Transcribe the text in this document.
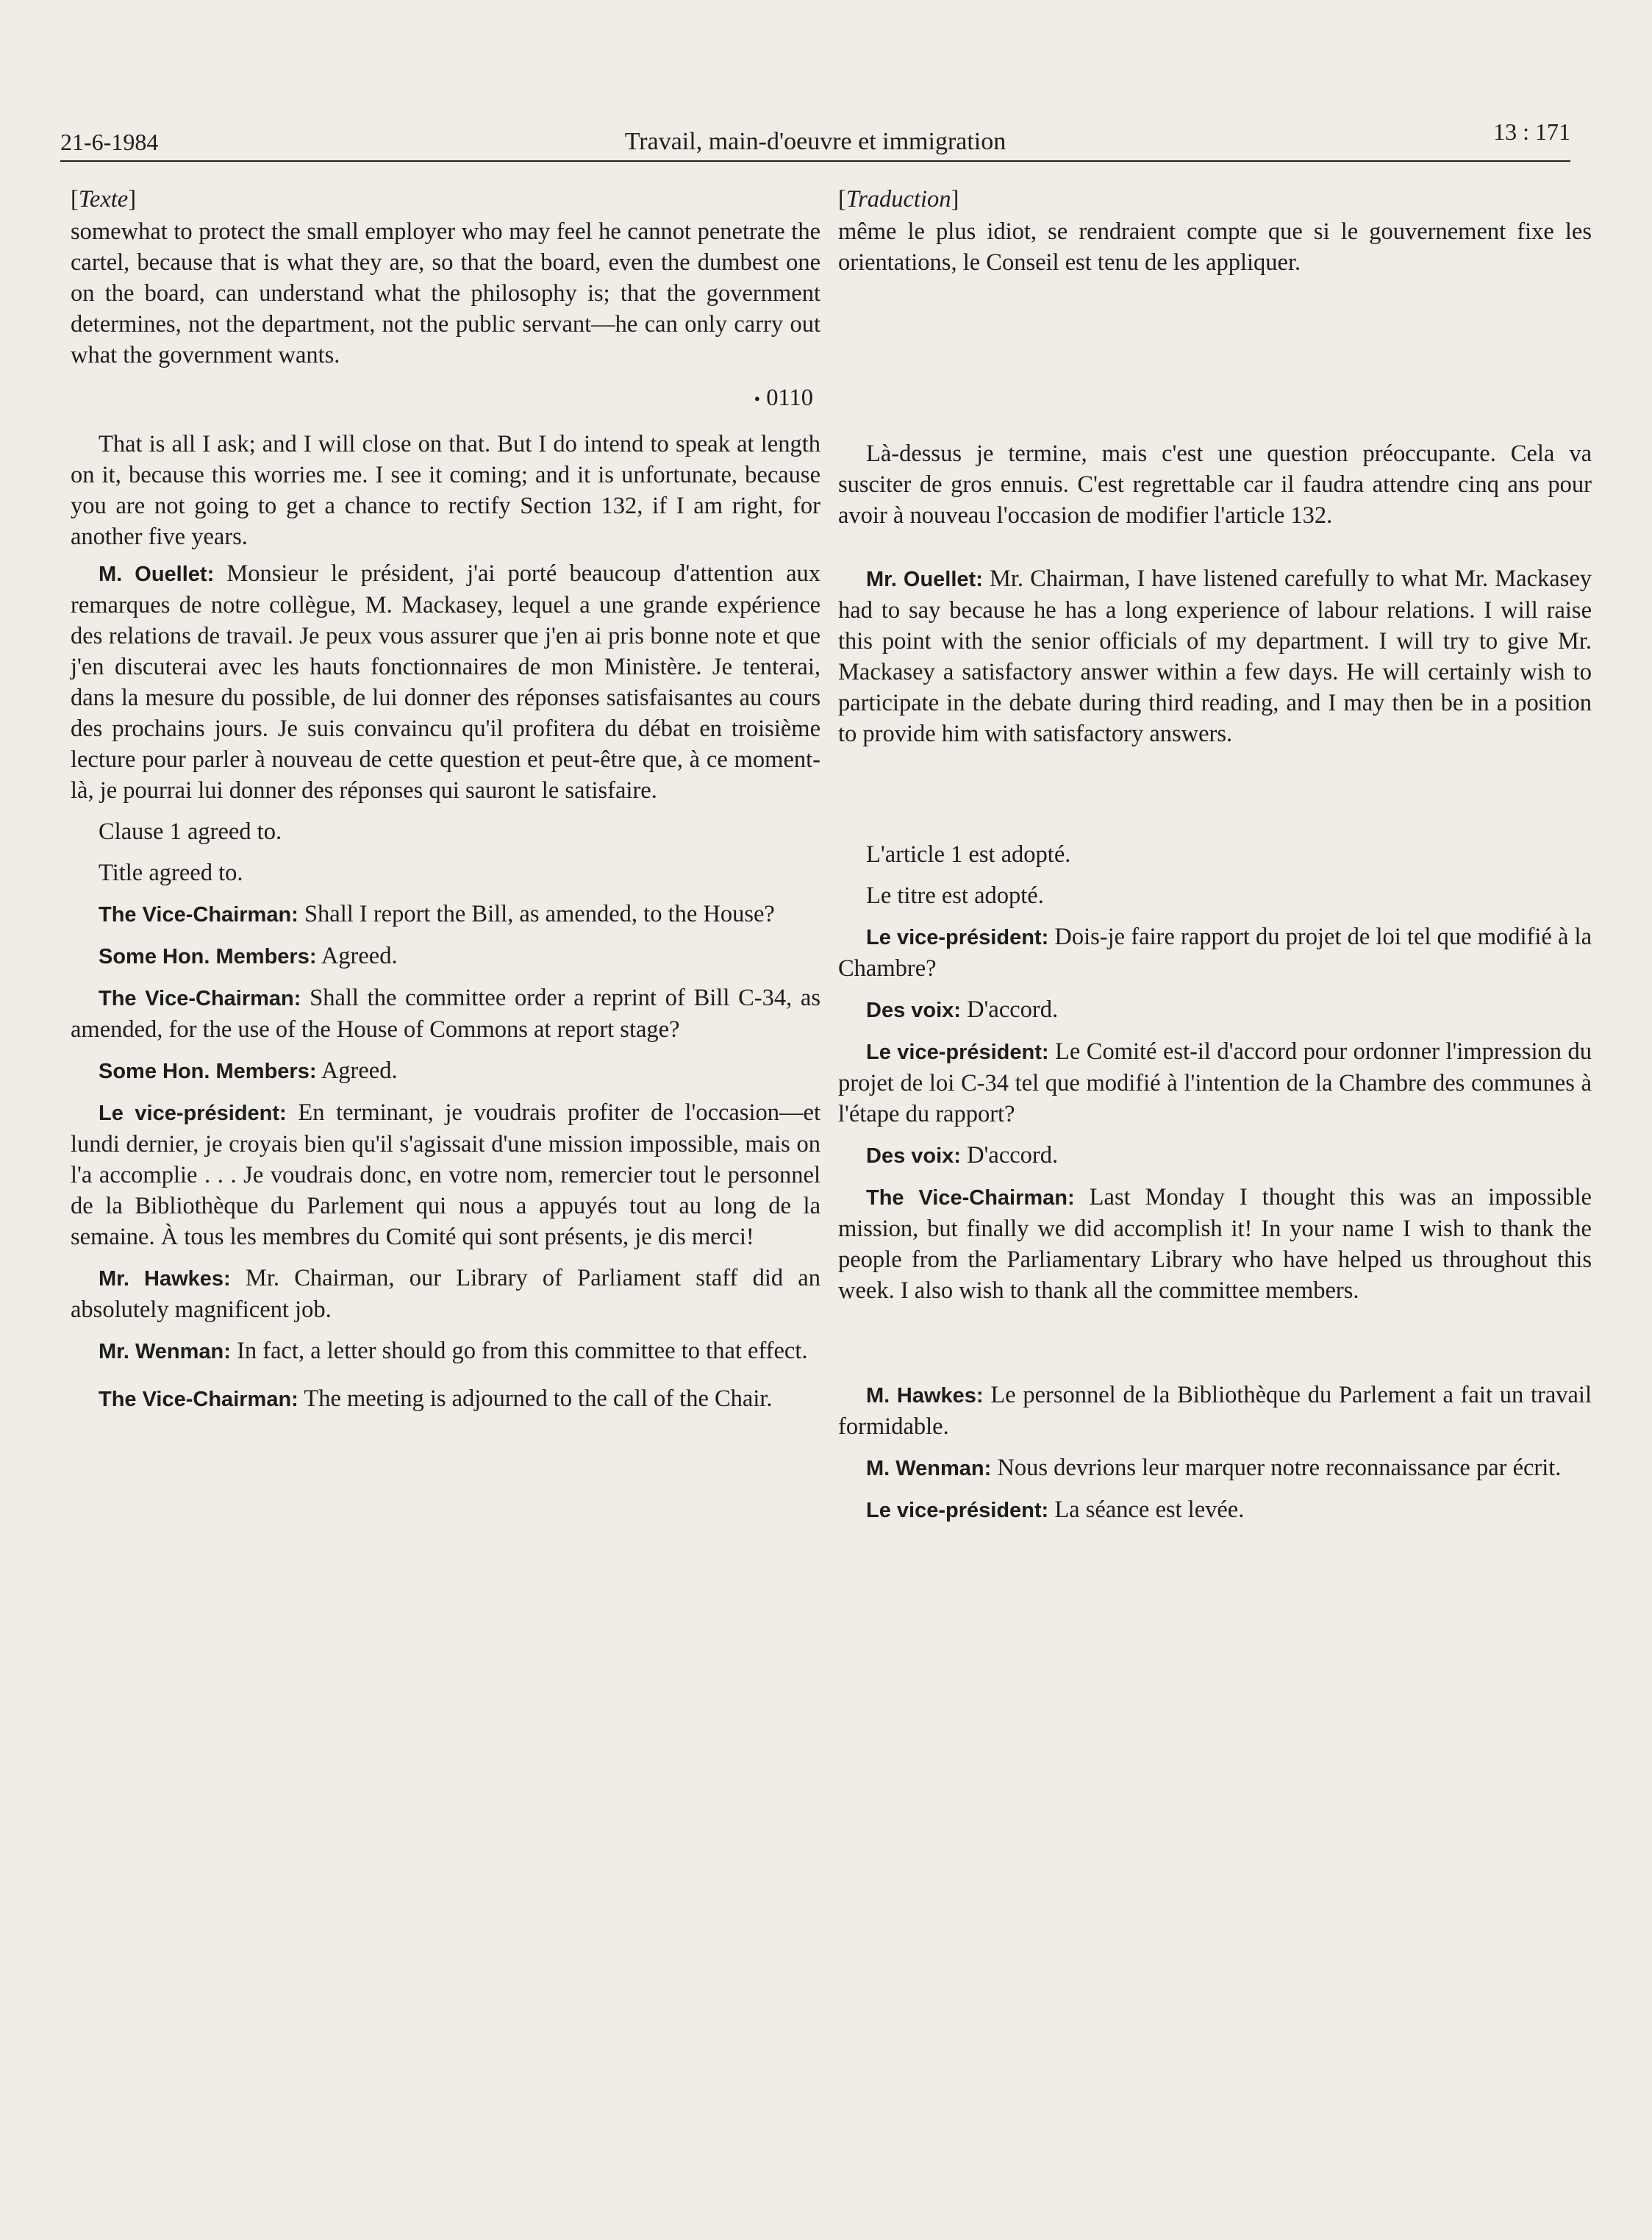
21-6-1984	Travail, main-d'oeuvre et immigration	13 : 171

[Texte]

somewhat to protect the small employer who may feel he cannot penetrate the cartel, because that is what they are, so that the board, even the dumbest one on the board, can understand what the philosophy is; that the government determines, not the department, not the public servant—he can only carry out what the government wants.

• 0110

That is all I ask; and I will close on that. But I do intend to speak at length on it, because this worries me. I see it coming; and it is unfortunate, because you are not going to get a chance to rectify Section 132, if I am right, for another five years.

M. Ouellet: Monsieur le président, j'ai porté beaucoup d'attention aux remarques de notre collègue, M. Mackasey, lequel a une grande expérience des relations de travail. Je peux vous assurer que j'en ai pris bonne note et que j'en discuterai avec les hauts fonctionnaires de mon Ministère. Je tenterai, dans la mesure du possible, de lui donner des réponses satisfaisantes au cours des prochains jours. Je suis convaincu qu'il profitera du débat en troisième lecture pour parler à nouveau de cette question et peut-être que, à ce moment-là, je pourrai lui donner des réponses qui sauront le satisfaire.

Clause 1 agreed to.

Title agreed to.

The Vice-Chairman: Shall I report the Bill, as amended, to the House?

Some Hon. Members: Agreed.

The Vice-Chairman: Shall the committee order a reprint of Bill C-34, as amended, for the use of the House of Commons at report stage?

Some Hon. Members: Agreed.

Le vice-président: En terminant, je voudrais profiter de l'occasion—et lundi dernier, je croyais bien qu'il s'agissait d'une mission impossible, mais on l'a accomplie . . . Je voudrais donc, en votre nom, remercier tout le personnel de la Bibliothèque du Parlement qui nous a appuyés tout au long de la semaine. À tous les membres du Comité qui sont présents, je dis merci!

Mr. Hawkes: Mr. Chairman, our Library of Parliament staff did an absolutely magnificent job.

Mr. Wenman: In fact, a letter should go from this committee to that effect.

The Vice-Chairman: The meeting is adjourned to the call of the Chair.

[Traduction]

même le plus idiot, se rendraient compte que si le gouvernement fixe les orientations, le Conseil est tenu de les appliquer.

Là-dessus je termine, mais c'est une question préoccupante. Cela va susciter de gros ennuis. C'est regrettable car il faudra attendre cinq ans pour avoir à nouveau l'occasion de modifier l'article 132.

Mr. Ouellet: Mr. Chairman, I have listened carefully to what Mr. Mackasey had to say because he has a long experience of labour relations. I will raise this point with the senior officials of my department. I will try to give Mr. Mackasey a satisfactory answer within a few days. He will certainly wish to participate in the debate during third reading, and I may then be in a position to provide him with satisfactory answers.

L'article 1 est adopté.

Le titre est adopté.

Le vice-président: Dois-je faire rapport du projet de loi tel que modifié à la Chambre?

Des voix: D'accord.

Le vice-président: Le Comité est-il d'accord pour ordonner l'impression du projet de loi C-34 tel que modifié à l'intention de la Chambre des communes à l'étape du rapport?

Des voix: D'accord.

The Vice-Chairman: Last Monday I thought this was an impossible mission, but finally we did accomplish it! In your name I wish to thank the people from the Parliamentary Library who have helped us throughout this week. I also wish to thank all the committee members.

M. Hawkes: Le personnel de la Bibliothèque du Parlement a fait un travail formidable.

M. Wenman: Nous devrions leur marquer notre reconnaissance par écrit.

Le vice-président: La séance est levée.
